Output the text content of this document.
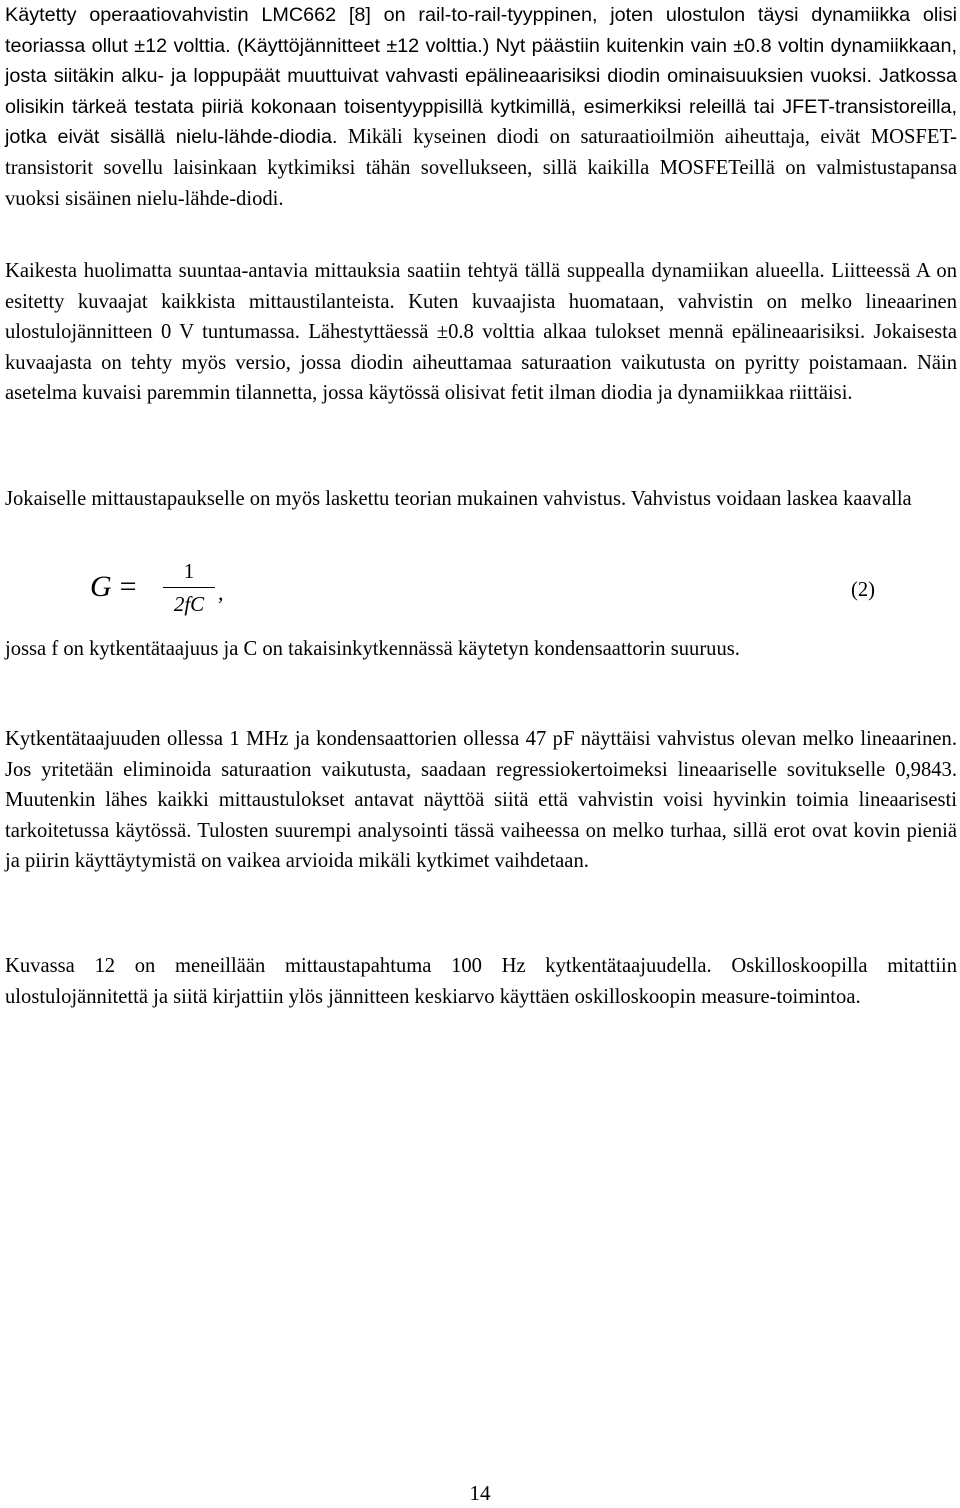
Käytetty operaatiovahvistin LMC662 [8] on rail-to-rail-tyyppinen, joten ulostulon täysi dynamiikka olisi teoriassa ollut ±12 volttia. (Käyttöjännitteet ±12 volttia.) Nyt päästiin kuitenkin vain ±0.8 voltin dynamiikkaan, josta siitäkin alku- ja loppupäät muuttuivat vahvasti epälineaarisiksi diodin ominaisuuksien vuoksi. Jatkossa olisikin tärkeä testata piiriä kokonaan toisentyyppisillä kytkimillä, esimerkiksi releillä tai JFET-transistoreilla, jotka eivät sisällä nielu-lähde-diodia. Mikäli kyseinen diodi on saturaatioilmiön aiheuttaja, eivät MOSFET-transistorit sovellu laisinkaan kytkimiksi tähän sovellukseen, sillä kaikilla MOSFETeillä on valmistustapansa vuoksi sisäinen nielu-lähde-diodi.

Kaikesta huolimatta suuntaa-antavia mittauksia saatiin tehtyä tällä suppealla dynamiikan alueella. Liitteessä A on esitetty kuvaajat kaikkista mittaustilanteista. Kuten kuvaajista huomataan, vahvistin on melko lineaarinen ulostulojännitteen 0 V tuntumassa. Lähestyttäessä ±0.8 volttia alkaa tulokset mennä epälineaarisiksi. Jokaisesta kuvaajasta on tehty myös versio, jossa diodin aiheuttamaa saturaation vaikutusta on pyritty poistamaan. Näin asetelma kuvaisi paremmin tilannetta, jossa käytössä olisivat fetit ilman diodia ja dynamiikkaa riittäisi.

Jokaiselle mittaustapaukselle on myös laskettu teorian mukainen vahvistus. Vahvistus voidaan laskea kaavalla

G =	1
2fC ,	(2)

jossa f on kytkentätaajuus ja C on takaisinkytkennässä käytetyn kondensaattorin suuruus.

Kytkentätaajuuden ollessa 1 MHz ja kondensaattorien ollessa 47 pF näyttäisi vahvistus olevan melko lineaarinen. Jos yritetään eliminoida saturaation vaikutusta, saadaan regressiokertoimeksi lineaariselle sovitukselle 0,9843. Muutenkin lähes kaikki mittaustulokset antavat näyttöä siitä että vahvistin voisi hyvinkin toimia lineaarisesti tarkoitetussa käytössä. Tulosten suurempi analysointi tässä vaiheessa on melko turhaa, sillä erot ovat kovin pieniä ja piirin käyttäytymistä on vaikea arvioida mikäli kytkimet vaihdetaan.

Kuvassa 12 on meneillään mittaustapahtuma 100 Hz kytkentätaajuudella. Oskilloskoopilla mitattiin ulostulojännitettä ja siitä kirjattiin ylös jännitteen keskiarvo käyttäen oskilloskoopin measure-toimintoa.

14
